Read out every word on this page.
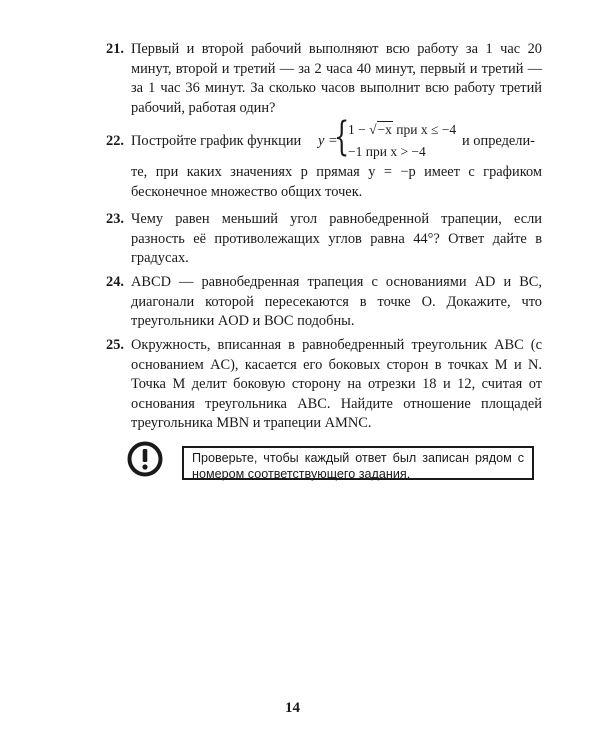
21. Первый и второй рабочий выполняют всю работу за 1 час 20 минут, второй и третий — за 2 часа 40 минут, первый и третий — за 1 час 36 минут. За сколько часов выполнит всю работу третий рабочий, работая один?
22. Постройте график функции y =
{
1 − √−x при x ≤ −4
−1 при x > −4
и определи-
те, при каких значениях p прямая y = −p имеет с графиком бесконечное множество общих точек.
23. Чему равен меньший угол равнобедренной трапеции, если разность её противолежащих углов равна 44°? Ответ дайте в градусах.
24. ABCD — равнобедренная трапеция с основаниями AD и BC, диагонали которой пересекаются в точке O. Докажите, что треугольники AOD и BOC подобны.
25. Окружность, вписанная в равнобедренный треугольник ABC (с основанием AC), касается его боковых сторон в точках M и N. Точка M делит боковую сторону на отрезки 18 и 12, считая от основания треугольника ABC. Найдите отношение площадей треугольника MBN и трапеции AMNC.
Проверьте, чтобы каждый ответ был записан рядом с номером соответствующего задания.
14
